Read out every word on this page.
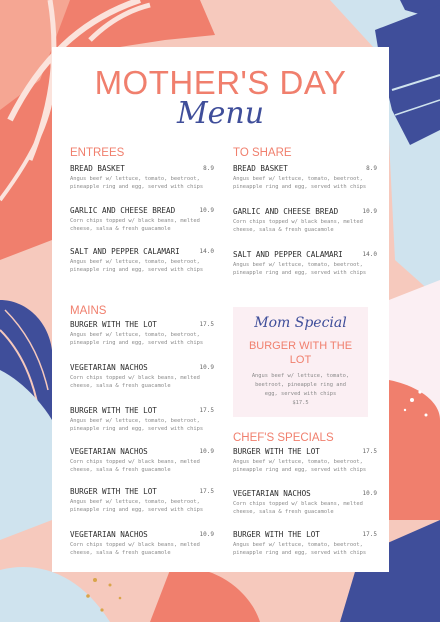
MOTHER'S DAY
Menu
ENTREES
BREAD BASKET	8.9
Angus beef w/ lettuce, tomato, beetroot, pineapple ring and egg, served with chips
GARLIC AND CHEESE BREAD	10.9
Corn chips topped w/ black beans, melted cheese, salsa & fresh guacamole
SALT AND PEPPER CALAMARI	14.0
Angus beef w/ lettuce, tomato, beetroot, pineapple ring and egg, served with chips
TO SHARE
BREAD BASKET	8.9
Angus beef w/ lettuce, tomato, beetroot, pineapple ring and egg, served with chips
GARLIC AND CHEESE BREAD	10.9
Corn chips topped w/ black beans, melted cheese, salsa & fresh guacamole
SALT AND PEPPER CALAMARI	14.0
Angus beef w/ lettuce, tomato, beetroot, pineapple ring and egg, served with chips
MAINS
BURGER WITH THE LOT	17.5
Angus beef w/ lettuce, tomato, beetroot, pineapple ring and egg, served with chips
VEGETARIAN NACHOS	10.9
Corn chips topped w/ black beans, melted cheese, salsa & fresh guacamole
BURGER WITH THE LOT	17.5
Angus beef w/ lettuce, tomato, beetroot, pineapple ring and egg, served with chips
VEGETARIAN NACHOS	10.9
Corn chips topped w/ black beans, melted cheese, salsa & fresh guacamole
BURGER WITH THE LOT	17.5
Angus beef w/ lettuce, tomato, beetroot, pineapple ring and egg, served with chips
VEGETARIAN NACHOS	10.9
Corn chips topped w/ black beans, melted cheese, salsa & fresh guacamole
Mom Special
BURGER WITH THE LOT
Angus beef w/ lettuce, tomato, beetroot, pineapple ring and egg, served with chips
$17.5
CHEF'S SPECIALS
BURGER WITH THE LOT	17.5
Angus beef w/ lettuce, tomato, beetroot, pineapple ring and egg, served with chips
VEGETARIAN NACHOS	10.9
Corn chips topped w/ black beans, melted cheese, salsa & fresh guacamole
BURGER WITH THE LOT	17.5
Angus beef w/ lettuce, tomato, beetroot, pineapple ring and egg, served with chips
